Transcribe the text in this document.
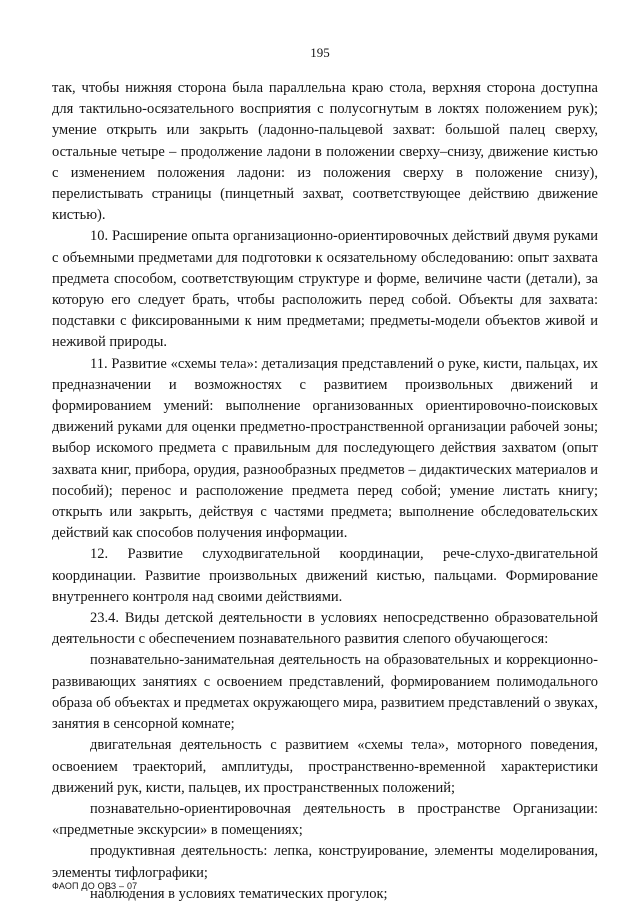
195

так, чтобы нижняя сторона была параллельна краю стола, верхняя сторона доступна для тактильно-осязательного восприятия с полусогнутым в локтях положением рук); умение открыть или закрыть (ладонно-пальцевой захват: большой палец сверху, остальные четыре – продолжение ладони в положении сверху–снизу, движение кистью с изменением положения ладони: из положения сверху в положение снизу), перелистывать страницы (пинцетный захват, соответствующее действию движение кистью).

10. Расширение опыта организационно-ориентировочных действий двумя руками с объемными предметами для подготовки к осязательному обследованию: опыт захвата предмета способом, соответствующим структуре и форме, величине части (детали), за которую его следует брать, чтобы расположить перед собой. Объекты для захвата: подставки с фиксированными к ним предметами; предметы-модели объектов живой и неживой природы.

11. Развитие «схемы тела»: детализация представлений о руке, кисти, пальцах, их предназначении и возможностях с развитием произвольных движений и формированием умений: выполнение организованных ориентировочно-поисковых движений руками для оценки предметно-пространственной организации рабочей зоны; выбор искомого предмета с правильным для последующего действия захватом (опыт захвата книг, прибора, орудия, разнообразных предметов – дидактических материалов и пособий); перенос и расположение предмета перед собой; умение листать книгу; открыть или закрыть, действуя с частями предмета; выполнение обследовательских действий как способов получения информации.

12. Развитие слуходвигательной координации, рече-слухо-двигательной координации. Развитие произвольных движений кистью, пальцами. Формирование внутреннего контроля над своими действиями.

23.4. Виды детской деятельности в условиях непосредственно образовательной деятельности с обеспечением познавательного развития слепого обучающегося:

познавательно-занимательная деятельность на образовательных и коррекционно-развивающих занятиях с освоением представлений, формированием полимодального образа об объектах и предметах окружающего мира, развитием представлений о звуках, занятия в сенсорной комнате;

двигательная деятельность с развитием «схемы тела», моторного поведения, освоением траекторий, амплитуды, пространственно-временной характеристики движений рук, кисти, пальцев, их пространственных положений;

познавательно-ориентировочная деятельность в пространстве Организации: «предметные экскурсии» в помещениях;

продуктивная деятельность: лепка, конструирование, элементы моделирования, элементы тифлографики;

наблюдения в условиях тематических прогулок;

ФАОП ДО ОВЗ – 07
